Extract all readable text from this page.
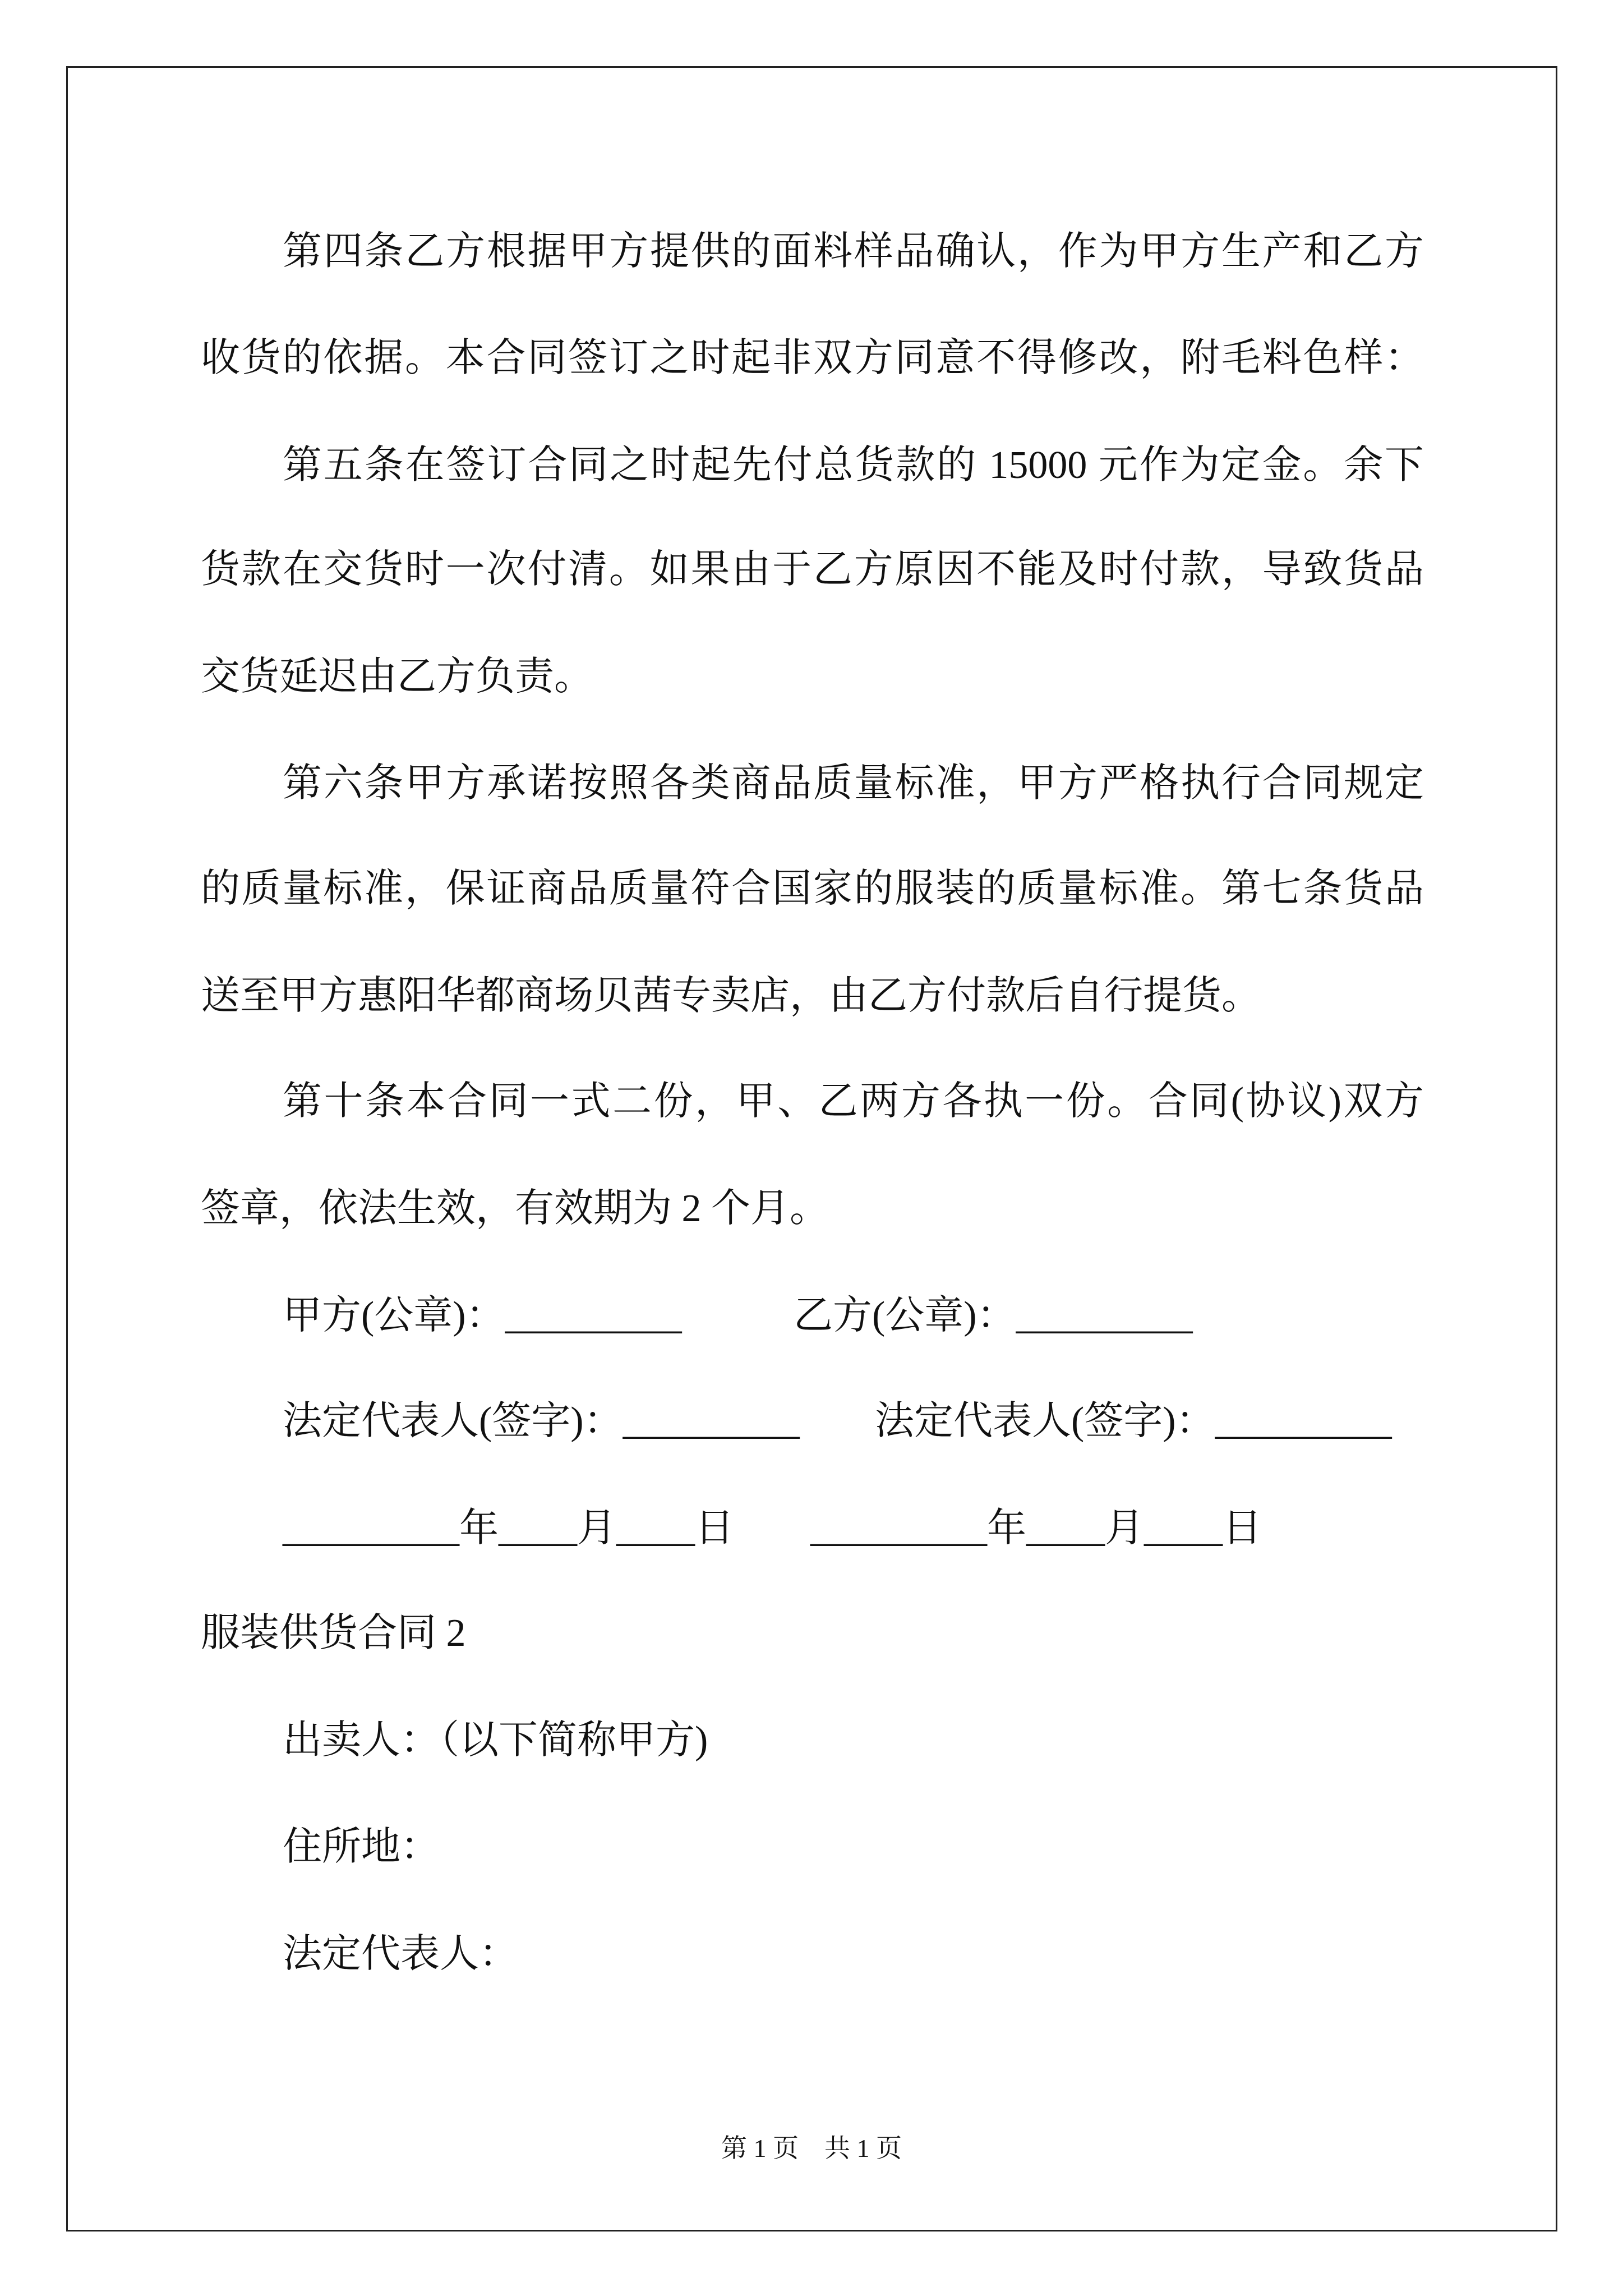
第四条乙方根据甲方提供的面料样品确认，作为甲方生产和乙方
收货的依据。本合同签订之时起非双方同意不得修改，附毛料色样：
第五条在签订合同之时起先付总货款的 15000 元作为定金。余下
货款在交货时一次付清。如果由于乙方原因不能及时付款，导致货品
交货延迟由乙方负责。
第六条甲方承诺按照各类商品质量标准，甲方严格执行合同规定
的质量标准，保证商品质量符合国家的服装的质量标准。第七条货品
送至甲方惠阳华都商场贝茜专卖店，由乙方付款后自行提货。
第十条本合同一式二份，甲、乙两方各执一份。合同(协议)双方
签章，依法生效，有效期为 2 个月。
甲方(公章)：_________	乙方(公章)：_________
法定代表人(签字)：_________ 法定代表人(签字)：_________
_________年____月____日 _________年____月____日
服装供货合同 2
出卖人：（以下简称甲方)
住所地：
法定代表人：
第 1 页　共 1 页
